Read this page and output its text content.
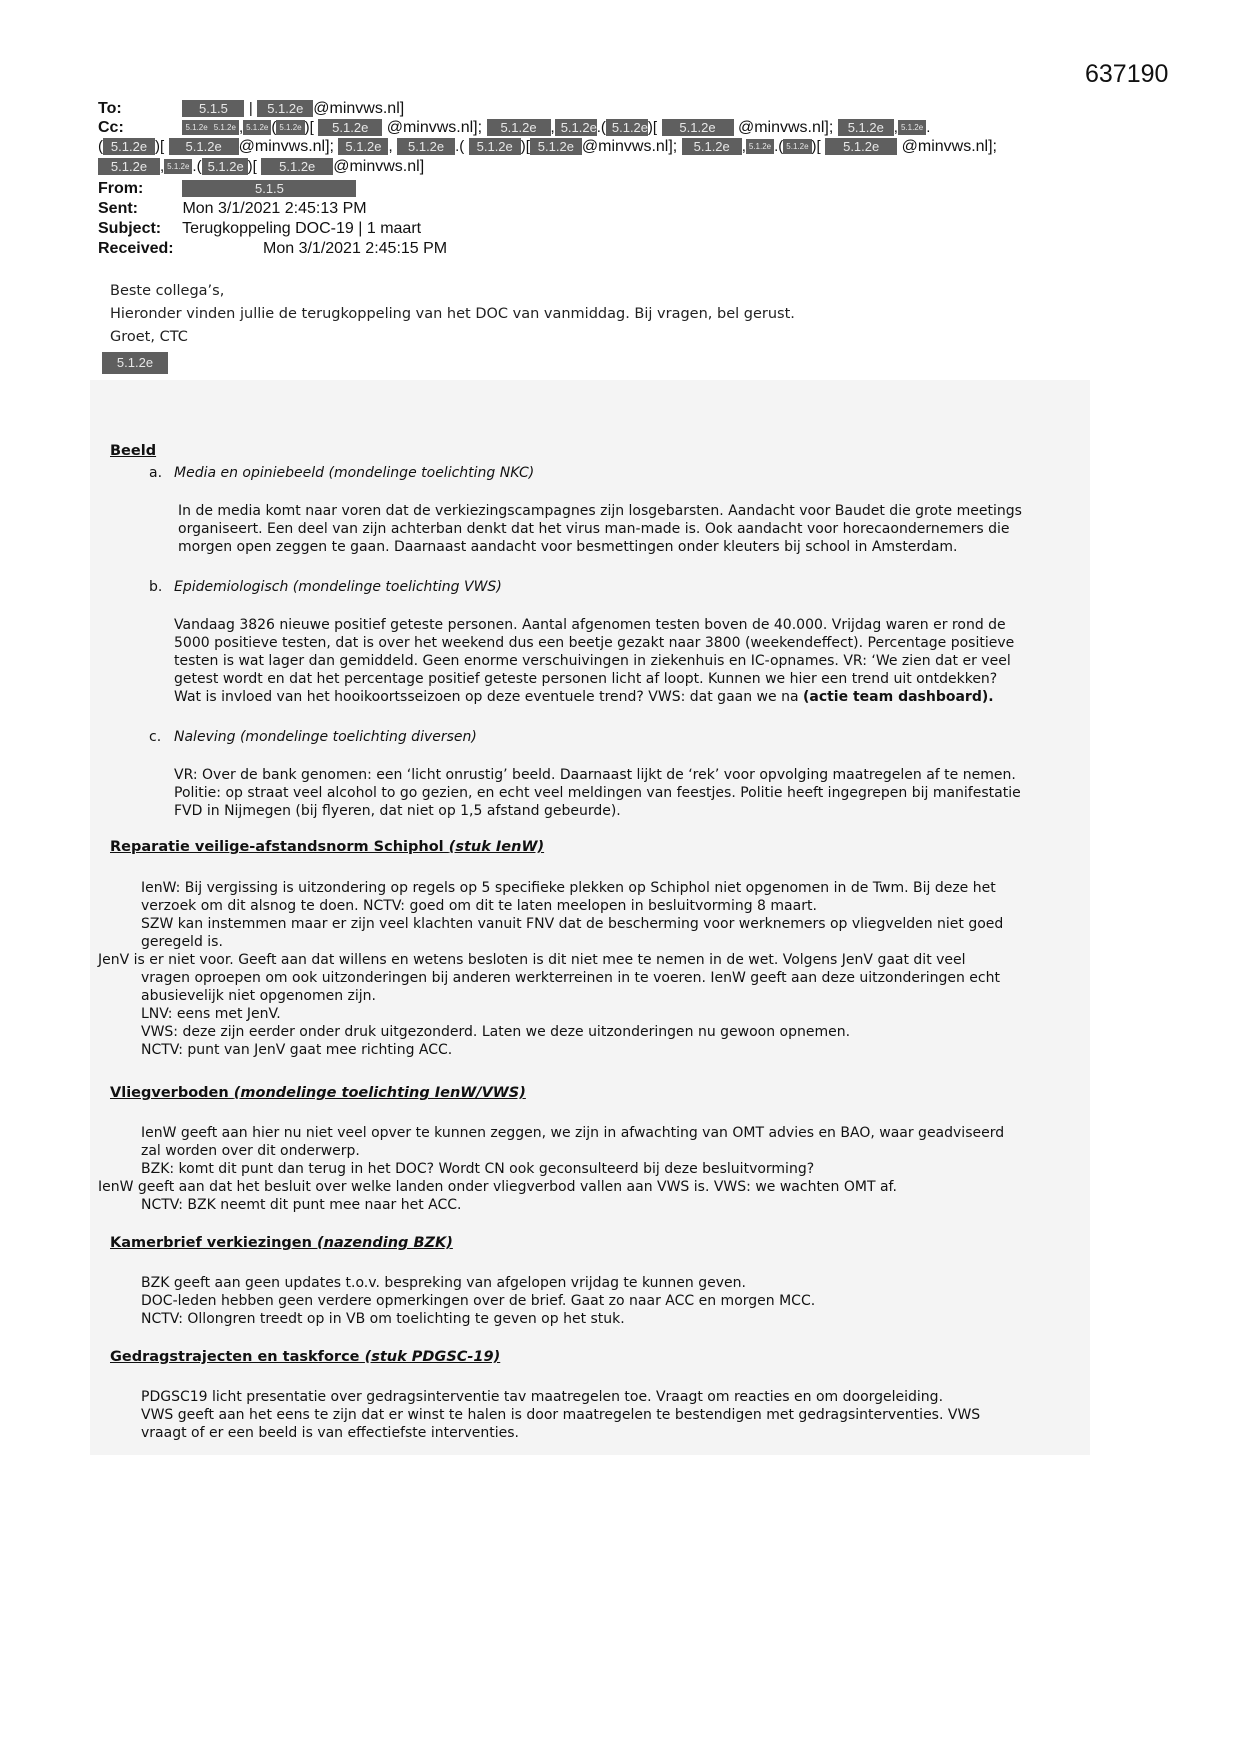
637190
To:	5.1.5 | 5.1.2e @minvws.nl]
Cc:	5.1.2e 5.1.2e , 5.1.2e ( 5.1.2e )[ 5.1.2e @minvws.nl]; 5.1.2e , 5.1.2e.( 5.1.2e)[ 5.1.2e @minvws.nl]; 5.1.2e , 5.1.2e .
( 5.1.2e )[ 5.1.2e @minvws.nl]; 5.1.2e , 5.1.2e .( 5.1.2e )[ 5.1.2e @minvws.nl]; 5.1.2e , 5.1.2e .( 5.1.2e )[ 5.1.2e @minvws.nl];
5.1.2e , 5.1.2e .( 5.1.2e )[ 5.1.2e @minvws.nl]
From:	5.1.5
Sent:	Mon 3/1/2021 2:45:13 PM
Subject: Terugkoppeling DOC-19 | 1 maart
Received:	Mon 3/1/2021 2:45:15 PM
Beste collega’s,
Hieronder vinden jullie de terugkoppeling van het DOC van vanmiddag. Bij vragen, bel gerust.
Groet, CTC
5.1.2e
Beeld
a. Media en opiniebeeld (mondelinge toelichting NKC)
In de media komt naar voren dat de verkiezingscampagnes zijn losgebarsten. Aandacht voor Baudet die grote meetings
organiseert. Een deel van zijn achterban denkt dat het virus man-made is. Ook aandacht voor horecaondernemers die
morgen open zeggen te gaan. Daarnaast aandacht voor besmettingen onder kleuters bij school in Amsterdam.
b. Epidemiologisch (mondelinge toelichting VWS)
Vandaag 3826 nieuwe positief geteste personen. Aantal afgenomen testen boven de 40.000. Vrijdag waren er rond de
5000 positieve testen, dat is over het weekend dus een beetje gezakt naar 3800 (weekendeffect). Percentage positieve
testen is wat lager dan gemiddeld. Geen enorme verschuivingen in ziekenhuis en IC-opnames. VR: ‘We zien dat er veel
getest wordt en dat het percentage positief geteste personen licht af loopt. Kunnen we hier een trend uit ontdekken?
Wat is invloed van het hooikoortsseizoen op deze eventuele trend? VWS: dat gaan we na (actie team dashboard).
c. Naleving (mondelinge toelichting diversen)
VR: Over de bank genomen: een ‘licht onrustig’ beeld. Daarnaast lijkt de ‘rek’ voor opvolging maatregelen af te nemen.
Politie: op straat veel alcohol to go gezien, en echt veel meldingen van feestjes. Politie heeft ingegrepen bij manifestatie
FVD in Nijmegen (bij flyeren, dat niet op 1,5 afstand gebeurde).
Reparatie veilige-afstandsnorm Schiphol (stuk IenW)
IenW: Bij vergissing is uitzondering op regels op 5 specifieke plekken op Schiphol niet opgenomen in de Twm. Bij deze het
verzoek om dit alsnog te doen. NCTV: goed om dit te laten meelopen in besluitvorming 8 maart.
SZW kan instemmen maar er zijn veel klachten vanuit FNV dat de bescherming voor werknemers op vliegvelden niet goed
geregeld is.
JenV is er niet voor. Geeft aan dat willens en wetens besloten is dit niet mee te nemen in de wet. Volgens JenV gaat dit veel
vragen oproepen om ook uitzonderingen bij anderen werkterreinen in te voeren. IenW geeft aan deze uitzonderingen echt
abusievelijk niet opgenomen zijn.
LNV: eens met JenV.
VWS: deze zijn eerder onder druk uitgezonderd. Laten we deze uitzonderingen nu gewoon opnemen.
NCTV: punt van JenV gaat mee richting ACC.
Vliegverboden (mondelinge toelichting IenW/VWS)
IenW geeft aan hier nu niet veel opver te kunnen zeggen, we zijn in afwachting van OMT advies en BAO, waar geadviseerd
zal worden over dit onderwerp.
BZK: komt dit punt dan terug in het DOC? Wordt CN ook geconsulteerd bij deze besluitvorming?
IenW geeft aan dat het besluit over welke landen onder vliegverbod vallen aan VWS is. VWS: we wachten OMT af.
NCTV: BZK neemt dit punt mee naar het ACC.
Kamerbrief verkiezingen (nazending BZK)
BZK geeft aan geen updates t.o.v. bespreking van afgelopen vrijdag te kunnen geven.
DOC-leden hebben geen verdere opmerkingen over de brief. Gaat zo naar ACC en morgen MCC.
NCTV: Ollongren treedt op in VB om toelichting te geven op het stuk.
Gedragstrajecten en taskforce (stuk PDGSC-19)
PDGSC19 licht presentatie over gedragsinterventie tav maatregelen toe. Vraagt om reacties en om doorgeleiding.
VWS geeft aan het eens te zijn dat er winst te halen is door maatregelen te bestendigen met gedragsinterventies. VWS
vraagt of er een beeld is van effectiefste interventies.
